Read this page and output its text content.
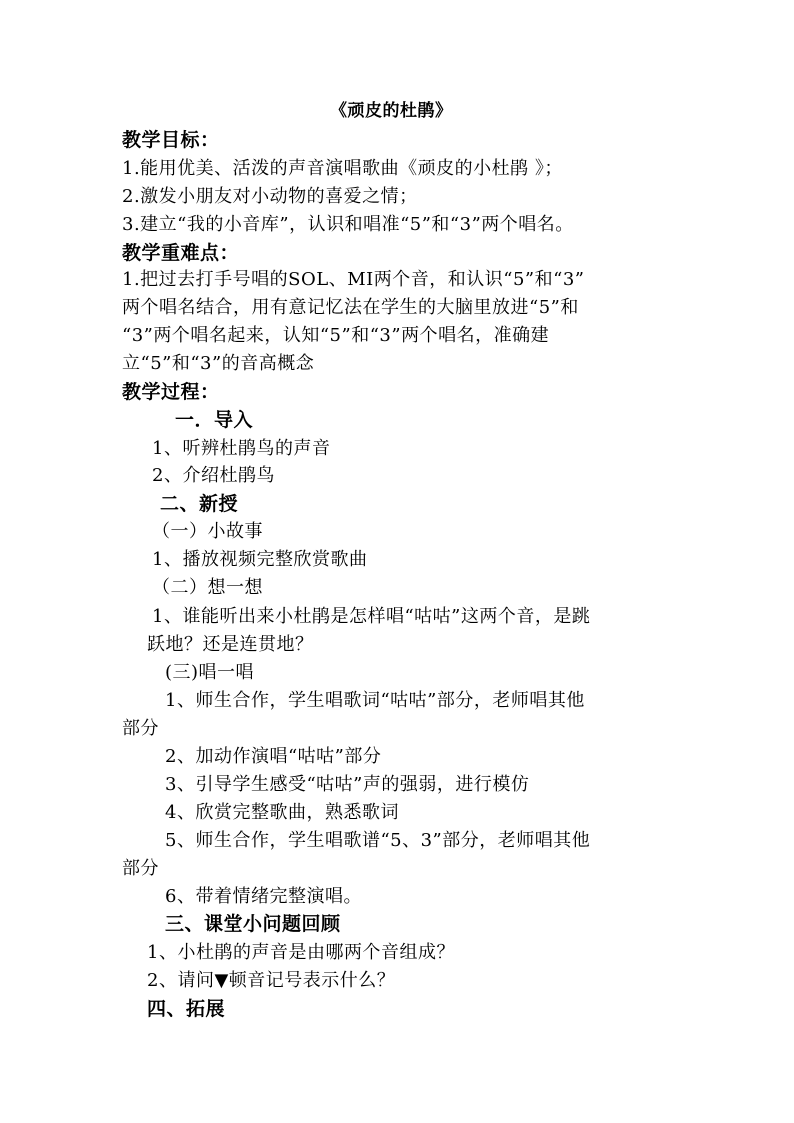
《顽皮的杜鹃》
教学目标：
1.能用优美、活泼的声音演唱歌曲《顽皮的小杜鹃 》；
2.激发小朋友对小动物的喜爱之情；
3.建立“我的小音库”，认识和唱准“5”和“3”两个唱名。
教学重难点：
1.把过去打手号唱的SOL、MI两个音，和认识“5”和“3”
两个唱名结合，用有意记忆法在学生的大脑里放进“5”和
“3”两个唱名起来，认知“5”和“3”两个唱名，准确建
立“5”和“3”的音高概念
教学过程：
一．导入
1、听辨杜鹃鸟的声音
2、介绍杜鹃鸟
二、新授
（一）小故事
1、播放视频完整欣赏歌曲
（二）想一想
1、谁能听出来小杜鹃是怎样唱“咕咕”这两个音，是跳
跃地？还是连贯地？
(三)唱一唱
1、师生合作，学生唱歌词“咕咕”部分，老师唱其他
部分
2、加动作演唱“咕咕”部分
3、引导学生感受“咕咕”声的强弱，进行模仿
4、欣赏完整歌曲，熟悉歌词
5、师生合作，学生唱歌谱“5、3”部分，老师唱其他
部分
6、带着情绪完整演唱。
三、课堂小问题回顾
1、小杜鹃的声音是由哪两个音组成？
2、请问▼顿音记号表示什么？
四、拓展
